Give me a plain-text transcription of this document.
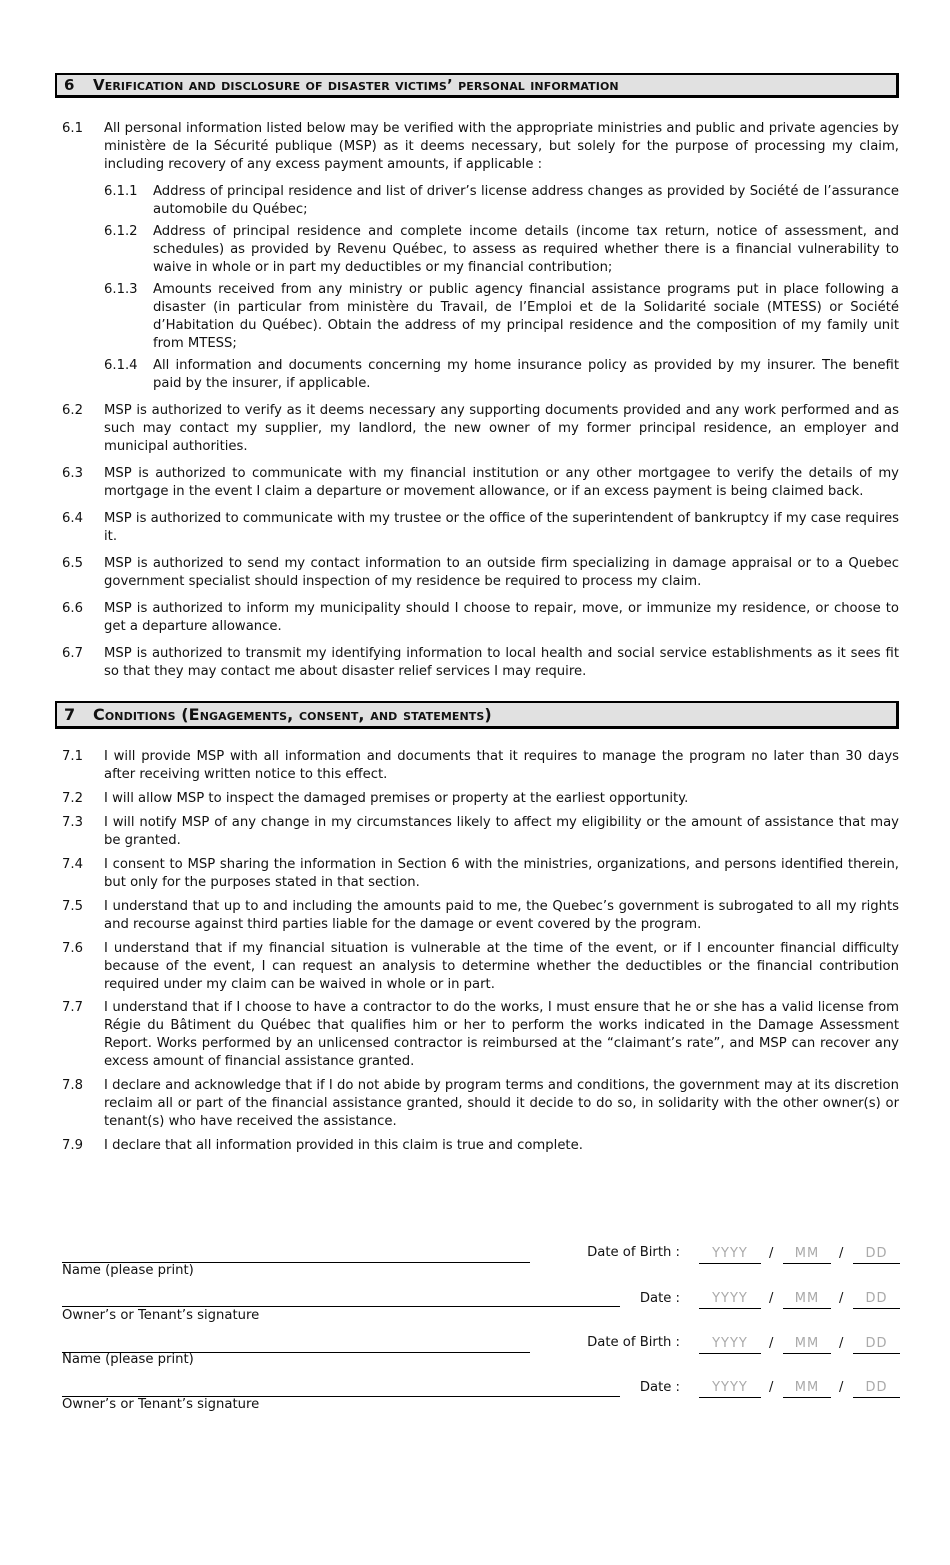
6	Verification and disclosure of disaster victims’ personal information
6.1 All personal information listed below may be verified with the appropriate ministries and public and private agencies by ministère de la Sécurité publique (MSP) as it deems necessary, but solely for the purpose of processing my claim, including recovery of any excess payment amounts, if applicable :
6.1.1 Address of principal residence and list of driver’s license address changes as provided by Société de l’assurance automobile du Québec;
6.1.2 Address of principal residence and complete income details (income tax return, notice of assessment, and schedules) as provided by Revenu Québec, to assess as required whether there is a financial vulnerability to waive in whole or in part my deductibles or my financial contribution;
6.1.3 Amounts received from any ministry or public agency financial assistance programs put in place following a disaster (in particular from ministère du Travail, de l’Emploi et de la Solidarité sociale (MTESS) or Société d’Habitation du Québec). Obtain the address of my principal residence and the composition of my family unit from MTESS;
6.1.4 All information and documents concerning my home insurance policy as provided by my insurer. The benefit paid by the insurer, if applicable.
6.2 MSP is authorized to verify as it deems necessary any supporting documents provided and any work performed and as such may contact my supplier, my landlord, the new owner of my former principal residence, an employer and municipal authorities.
6.3 MSP is authorized to communicate with my financial institution or any other mortgagee to verify the details of my mortgage in the event I claim a departure or movement allowance, or if an excess payment is being claimed back.
6.4 MSP is authorized to communicate with my trustee or the office of the superintendent of bankruptcy if my case requires it.
6.5 MSP is authorized to send my contact information to an outside firm specializing in damage appraisal or to a Quebec government specialist should inspection of my residence be required to process my claim.
6.6 MSP is authorized to inform my municipality should I choose to repair, move, or immunize my residence, or choose to get a departure allowance.
6.7 MSP is authorized to transmit my identifying information to local health and social service establishments as it sees fit so that they may contact me about disaster relief services I may require.
7	Conditions (Engagements, consent, and statements)
7.1 I will provide MSP with all information and documents that it requires to manage the program no later than 30 days after receiving written notice to this effect.
7.2 I will allow MSP to inspect the damaged premises or property at the earliest opportunity.
7.3 I will notify MSP of any change in my circumstances likely to affect my eligibility or the amount of assistance that may be granted.
7.4 I consent to MSP sharing the information in Section 6 with the ministries, organizations, and persons identified therein, but only for the purposes stated in that section.
7.5 I understand that up to and including the amounts paid to me, the Quebec’s government is subrogated to all my rights and recourse against third parties liable for the damage or event covered by the program.
7.6 I understand that if my financial situation is vulnerable at the time of the event, or if I encounter financial difficulty because of the event, I can request an analysis to determine whether the deductibles or the financial contribution required under my claim can be waived in whole or in part.
7.7 I understand that if I choose to have a contractor to do the works, I must ensure that he or she has a valid license from Régie du Bâtiment du Québec that qualifies him or her to perform the works indicated in the Damage Assessment Report. Works performed by an unlicensed contractor is reimbursed at the “claimant’s rate”, and MSP can recover any excess amount of financial assistance granted.
7.8 I declare and acknowledge that if I do not abide by program terms and conditions, the government may at its discretion reclaim all or part of the financial assistance granted, should it decide to do so, in solidarity with the other owner(s) or tenant(s) who have received the assistance.
7.9 I declare that all information provided in this claim is true and complete.
Name (please print)
Date of Birth :	YYYY	/	MM	/	DD
Owner’s or Tenant’s signature
Date :	YYYY	/	MM	/	DD
Name (please print)
Date of Birth :	YYYY	/	MM	/	DD
Owner’s or Tenant’s signature
Date :	YYYY	/	MM	/	DD
